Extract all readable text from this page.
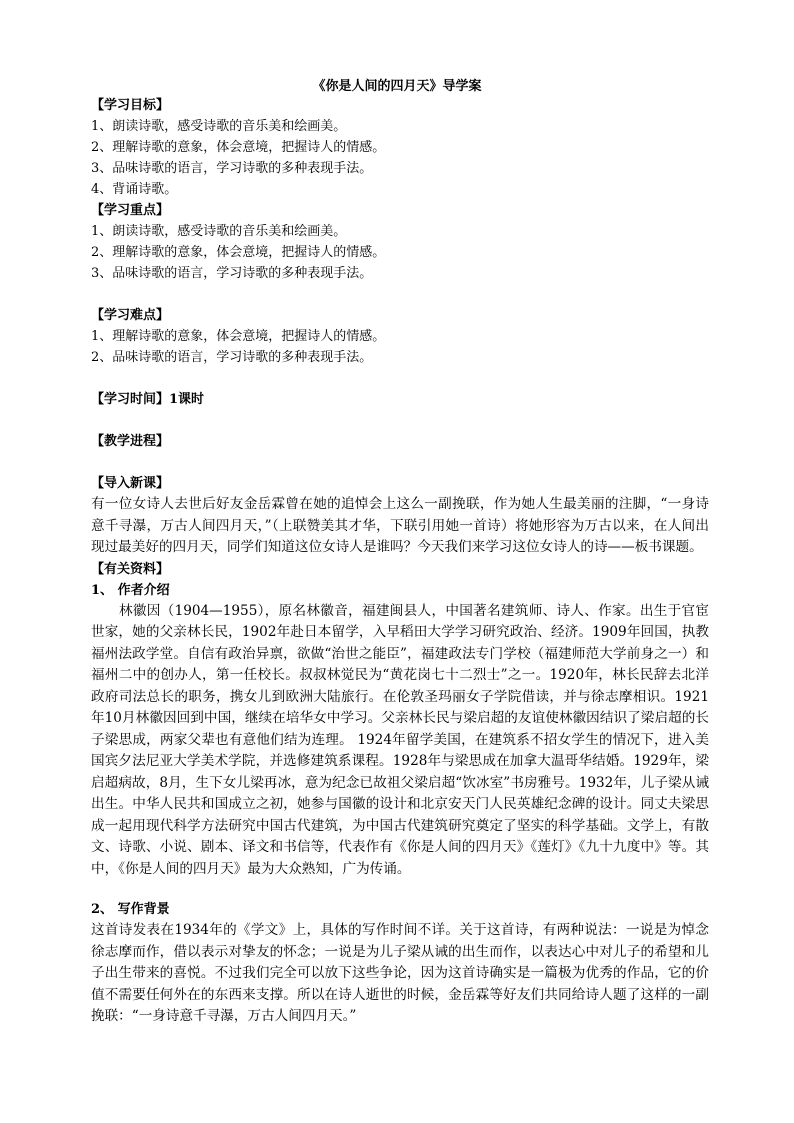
《你是人间的四月天》导学案

【学习目标】

1、朗读诗歌，感受诗歌的音乐美和绘画美。

2、理解诗歌的意象，体会意境，把握诗人的情感。

3、品味诗歌的语言，学习诗歌的多种表现手法。

4、背诵诗歌。

【学习重点】

1、朗读诗歌，感受诗歌的音乐美和绘画美。

2、理解诗歌的意象，体会意境，把握诗人的情感。

3、品味诗歌的语言，学习诗歌的多种表现手法。

【学习难点】

1、理解诗歌的意象，体会意境，把握诗人的情感。

2、品味诗歌的语言，学习诗歌的多种表现手法。

【学习时间】1课时

【教学进程】

【导入新课】

有一位女诗人去世后好友金岳霖曾在她的追悼会上这么一副挽联，作为她人生最美丽的注脚，“一身诗意千寻瀑，万古人间四月天，”（上联赞美其才华，下联引用她一首诗）将她形容为万古以来，在人间出现过最美好的四月天，同学们知道这位女诗人是谁吗？今天我们来学习这位女诗人的诗——板书课题。

【有关资料】

1、 作者介绍

林徽因（1904—1955），原名林徽音，福建闽县人，中国著名建筑师、诗人、作家。出生于官宦世家，她的父亲林长民，1902年赴日本留学，入早稻田大学学习研究政治、经济。1909年回国，执教福州法政学堂。自信有政治异禀，欲做“治世之能臣”，福建政法专门学校（福建师范大学前身之一）和福州二中的创办人，第一任校长。叔叔林觉民为“黄花岗七十二烈士”之一。1920年，林长民辞去北洋政府司法总长的职务，携女儿到欧洲大陆旅行。在伦敦圣玛丽女子学院借读，并与徐志摩相识。1921年10月林徽因回到中国，继续在培华女中学习。父亲林长民与梁启超的友谊使林徽因结识了梁启超的长子梁思成，两家父辈也有意他们结为连理。 1924年留学美国，在建筑系不招女学生的情况下，进入美国宾夕法尼亚大学美术学院，并选修建筑系课程。1928年与梁思成在加拿大温哥华结婚。1929年，梁启超病故，8月，生下女儿梁再冰，意为纪念已故祖父梁启超“饮冰室”书房雅号。1932年，儿子梁从诫出生。中华人民共和国成立之初，她参与国徽的设计和北京安天门人民英雄纪念碑的设计。同丈夫梁思成一起用现代科学方法研究中国古代建筑，为中国古代建筑研究奠定了坚实的科学基础。文学上，有散文、诗歌、小说、剧本、译文和书信等，代表作有《你是人间的四月天》《莲灯》《九十九度中》等。其中，《你是人间的四月天》最为大众熟知，广为传诵。

2、 写作背景

这首诗发表在1934年的《学文》上，具体的写作时间不详。关于这首诗，有两种说法：一说是为悼念徐志摩而作，借以表示对挚友的怀念；一说是为儿子梁从诫的出生而作，以表达心中对儿子的希望和儿子出生带来的喜悦。不过我们完全可以放下这些争论，因为这首诗确实是一篇极为优秀的作品，它的价值不需要任何外在的东西来支撑。所以在诗人逝世的时候，金岳霖等好友们共同给诗人题了这样的一副挽联：“一身诗意千寻瀑，万古人间四月天。”
